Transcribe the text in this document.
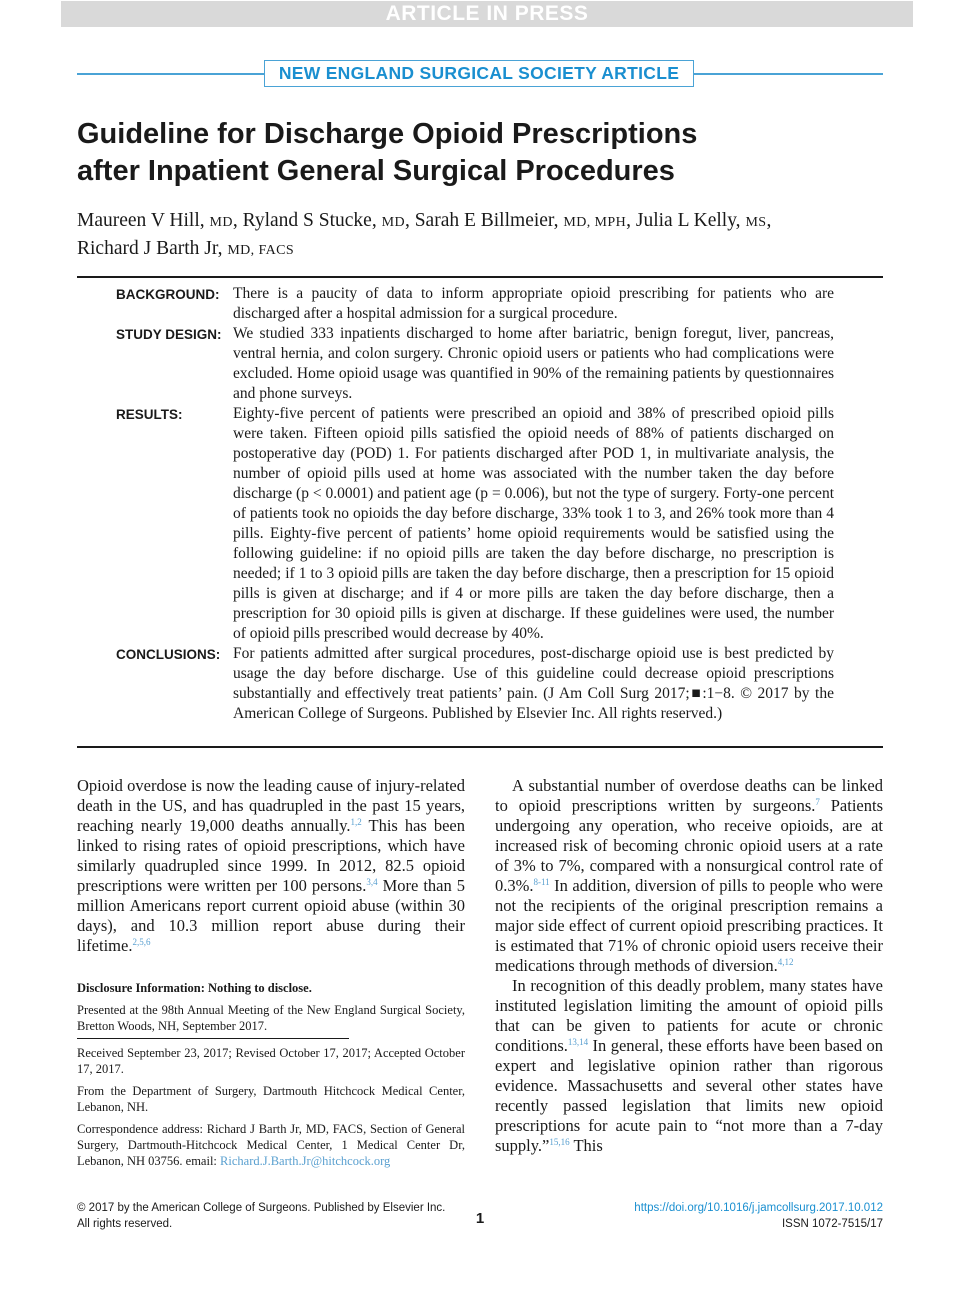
ARTICLE IN PRESS
NEW ENGLAND SURGICAL SOCIETY ARTICLE
Guideline for Discharge Opioid Prescriptions
after Inpatient General Surgical Procedures
Maureen V Hill, MD, Ryland S Stucke, MD, Sarah E Billmeier, MD, MPH, Julia L Kelly, MS,
Richard J Barth Jr, MD, FACS
BACKGROUND: There is a paucity of data to inform appropriate opioid prescribing for patients who are discharged after a hospital admission for a surgical procedure.
STUDY DESIGN: We studied 333 inpatients discharged to home after bariatric, benign foregut, liver, pancreas, ventral hernia, and colon surgery. Chronic opioid users or patients who had complications were excluded. Home opioid usage was quantified in 90% of the remaining patients by questionnaires and phone surveys.
RESULTS:	Eighty-five percent of patients were prescribed an opioid and 38% of prescribed opioid pills were taken. Fifteen opioid pills satisfied the opioid needs of 88% of patients discharged on postoperative day (POD) 1. For patients discharged after POD 1, in multivariate analysis, the number of opioid pills used at home was associated with the number taken the day before discharge (p < 0.0001) and patient age (p = 0.006), but not the type of surgery. Forty-one percent of patients took no opioids the day before discharge, 33% took 1 to 3, and 26% took more than 4 pills. Eighty-five percent of patients’ home opioid requirements would be satisfied using the following guideline: if no opioid pills are taken the day before discharge, no prescription is needed; if 1 to 3 opioid pills are taken the day before discharge, then a prescription for 15 opioid pills is given at discharge; and if 4 or more pills are taken the day before discharge, then a prescription for 30 opioid pills is given at discharge. If these guidelines were used, the number of opioid pills prescribed would decrease by 40%.
CONCLUSIONS: For patients admitted after surgical procedures, post-discharge opioid use is best predicted by usage the day before discharge. Use of this guideline could decrease opioid prescriptions substantially and effectively treat patients’ pain. (J Am Coll Surg 2017;■:1−8. © 2017 by the American College of Surgeons. Published by Elsevier Inc. All rights reserved.)

Opioid overdose is now the leading cause of injury-related death in the US, and has quadrupled in the past 15 years, reaching nearly 19,000 deaths annually.$^{1,2}$ This has been linked to rising rates of opioid prescriptions, which have similarly quadrupled since 1999. In 2012, 82.5 opioid prescriptions were written per 100 persons.$^{3,4}$ More than 5 million Americans report current opioid abuse (within 30 days), and 10.3 million report abuse during their lifetime.$^{2,5,6}$

Disclosure Information: Nothing to disclose.

Presented at the 98th Annual Meeting of the New England Surgical Society, Bretton Woods, NH, September 2017.

Received September 23, 2017; Revised October 17, 2017; Accepted October 17, 2017.

From the Department of Surgery, Dartmouth Hitchcock Medical Center, Lebanon, NH.

Correspondence address: Richard J Barth Jr, MD, FACS, Section of General Surgery, Dartmouth-Hitchcock Medical Center, 1 Medical Center Dr, Lebanon, NH 03756. email: Richard.J.Barth.Jr@hitchcock.org

A substantial number of overdose deaths can be linked to opioid prescriptions written by surgeons.$^7$ Patients undergoing any operation, who receive opioids, are at increased risk of becoming chronic opioid users at a rate of 3% to 7%, compared with a nonsurgical control rate of 0.3%.$^{8-11}$ In addition, diversion of pills to people who were not the recipients of the original prescription remains a major side effect of current opioid prescribing practices. It is estimated that 71% of chronic opioid users receive their medications through methods of diversion.$^{4,12}$

In recognition of this deadly problem, many states have instituted legislation limiting the amount of opioid pills that can be given to patients for acute or chronic conditions.$^{13,14}$ In general, these efforts have been based on expert and legislative opinion rather than rigorous evidence. Massachusetts and several other states have recently passed legislation that limits new opioid prescriptions for acute pain to “not more than a 7-day supply.”$^{15,16}$ This

© 2017 by the American College of Surgeons. Published by Elsevier Inc.
All rights reserved.	1
https://doi.org/10.1016/j.jamcollsurg.2017.10.012
ISSN 1072-7515/17
